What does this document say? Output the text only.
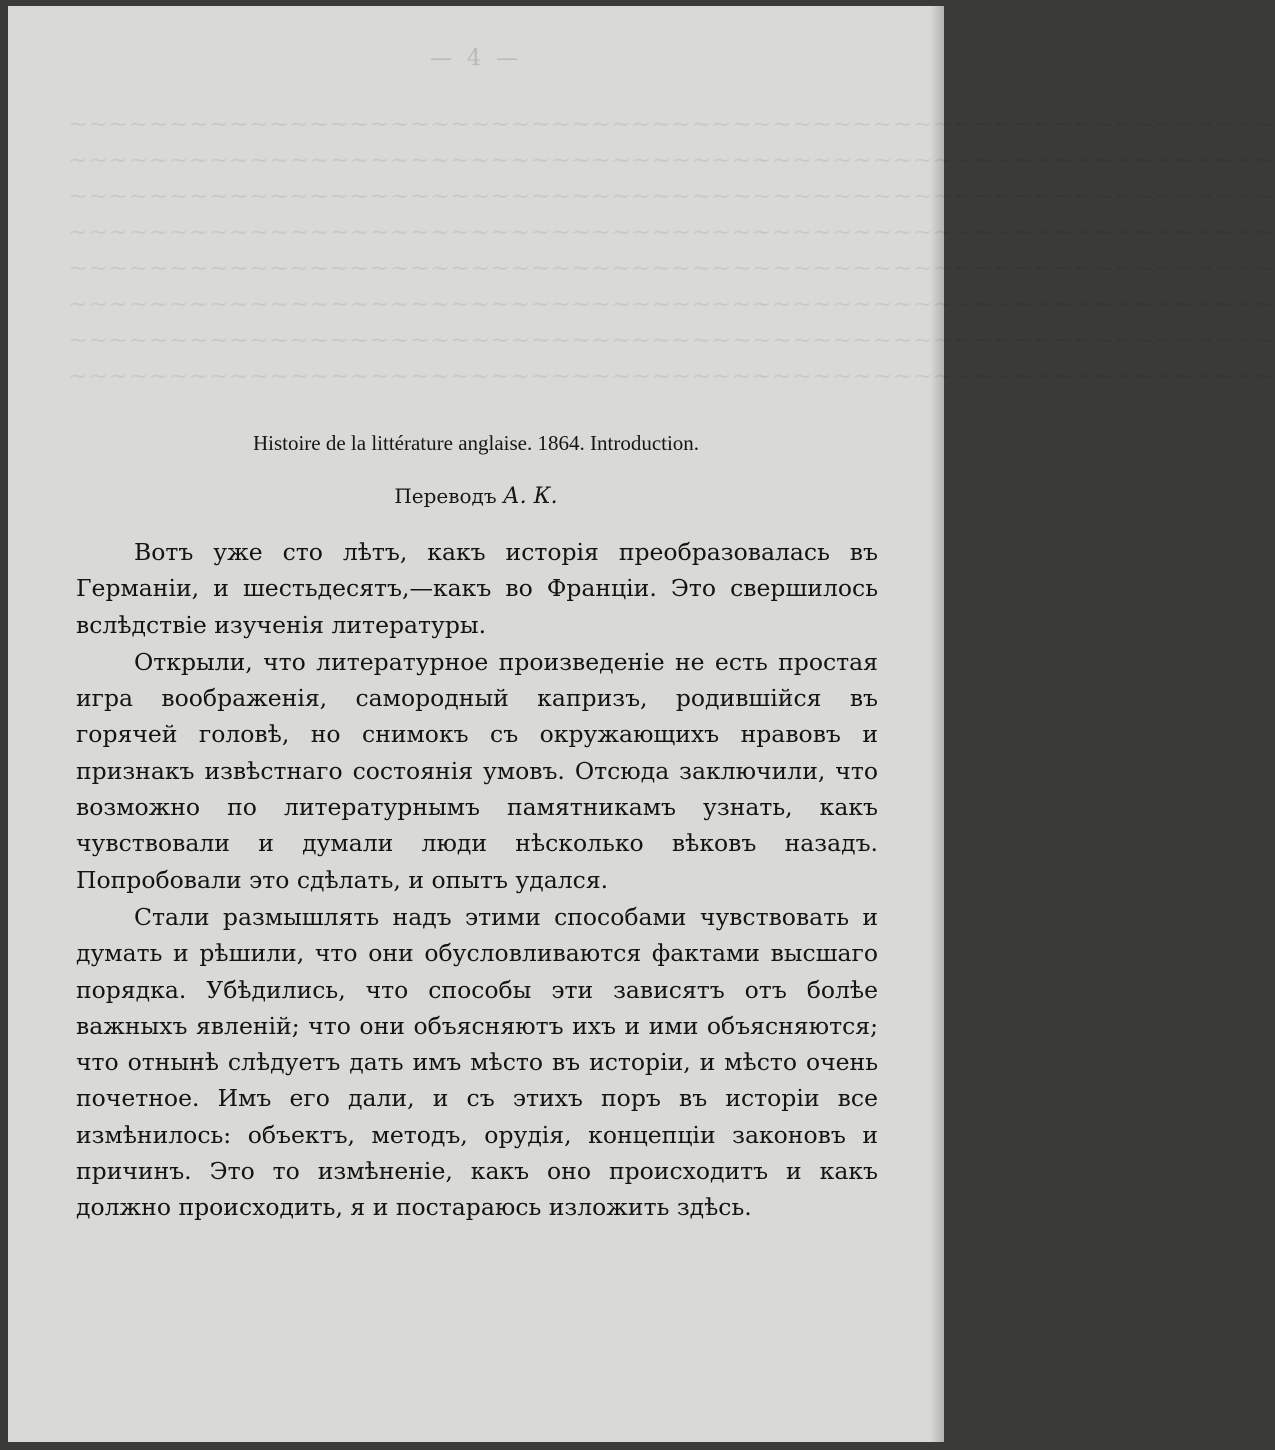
~~~~~~~~~~~~~~~~~~~~~~~~~~~~~~~~~~~~~~~~~~~~~~~~~~~~~~~~~~~~
~~~~~~~~~~~~~~~~~~~~~~~~~~~~~~~~~~~~~~~~~~~~~~~~~~~~~~~~~~~~
~~~~~~~~~~~~~~~~~~~~~~~~~~~~~~~~~~~~~~~~~~~~~~~~~~~~~~~~~~~~
~~~~~~~~~~~~~~~~~~~~~~~~~~~~~~~~~~~~~~~~~~~~~~~~~~~~~~~~~~~~
~~~~~~~~~~~~~~~~~~~~~~~~~~~~~~~~~~~~~~~~~~~~~~~~~~~~~~~~~~~~
~~~~~~~~~~~~~~~~~~~~~~~~~~~~~~~~~~~~~~~~~~~~~~~~~~~~~~~~~~~~
~~~~~~~~~~~~~~~~~~~~~~~~~~~~~~~~~~~~~~~~~~~~~~~~~~~~~~~~~~~~
~~~~~~~~~~~~~~~~~~~~~~~~~~~~~~~~~~~~~~~~~~~~~~~~~~~~~~~~~~~~
— 4 —
Histoire de la littérature anglaise. 1864. Introduction.
Переводъ А. К.

Вотъ уже сто лѣтъ, какъ исторія преобразовалась въ Германіи, и шестьдесятъ,—какъ во Франціи. Это свершилось вслѣдствіе изученія литературы.

Открыли, что литературное произведеніе не есть простая игра воображенія, самородный капризъ, родившійся въ горячей головѣ, но снимокъ съ окружающихъ нравовъ и признакъ извѣстнаго состоянія умовъ. Отсюда заключили, что возможно по литературнымъ памятникамъ узнать, какъ чувствовали и думали люди нѣсколько вѣковъ назадъ. Попробовали это сдѣлать, и опытъ удался.

Стали размышлять надъ этими способами чувствовать и думать и рѣшили, что они обусловливаются фактами высшаго порядка. Убѣдились, что способы эти зависятъ отъ болѣе важныхъ явленій; что они объясняютъ ихъ и ими объясняются; что отнынѣ слѣдуетъ дать имъ мѣсто въ исторіи, и мѣсто очень почетное. Имъ его дали, и съ этихъ поръ въ исторіи все измѣнилось: объектъ, методъ, орудія, концепціи законовъ и причинъ. Это то измѣненіе, какъ оно происходитъ и какъ должно происходить, я и постараюсь изложить здѣсь.
